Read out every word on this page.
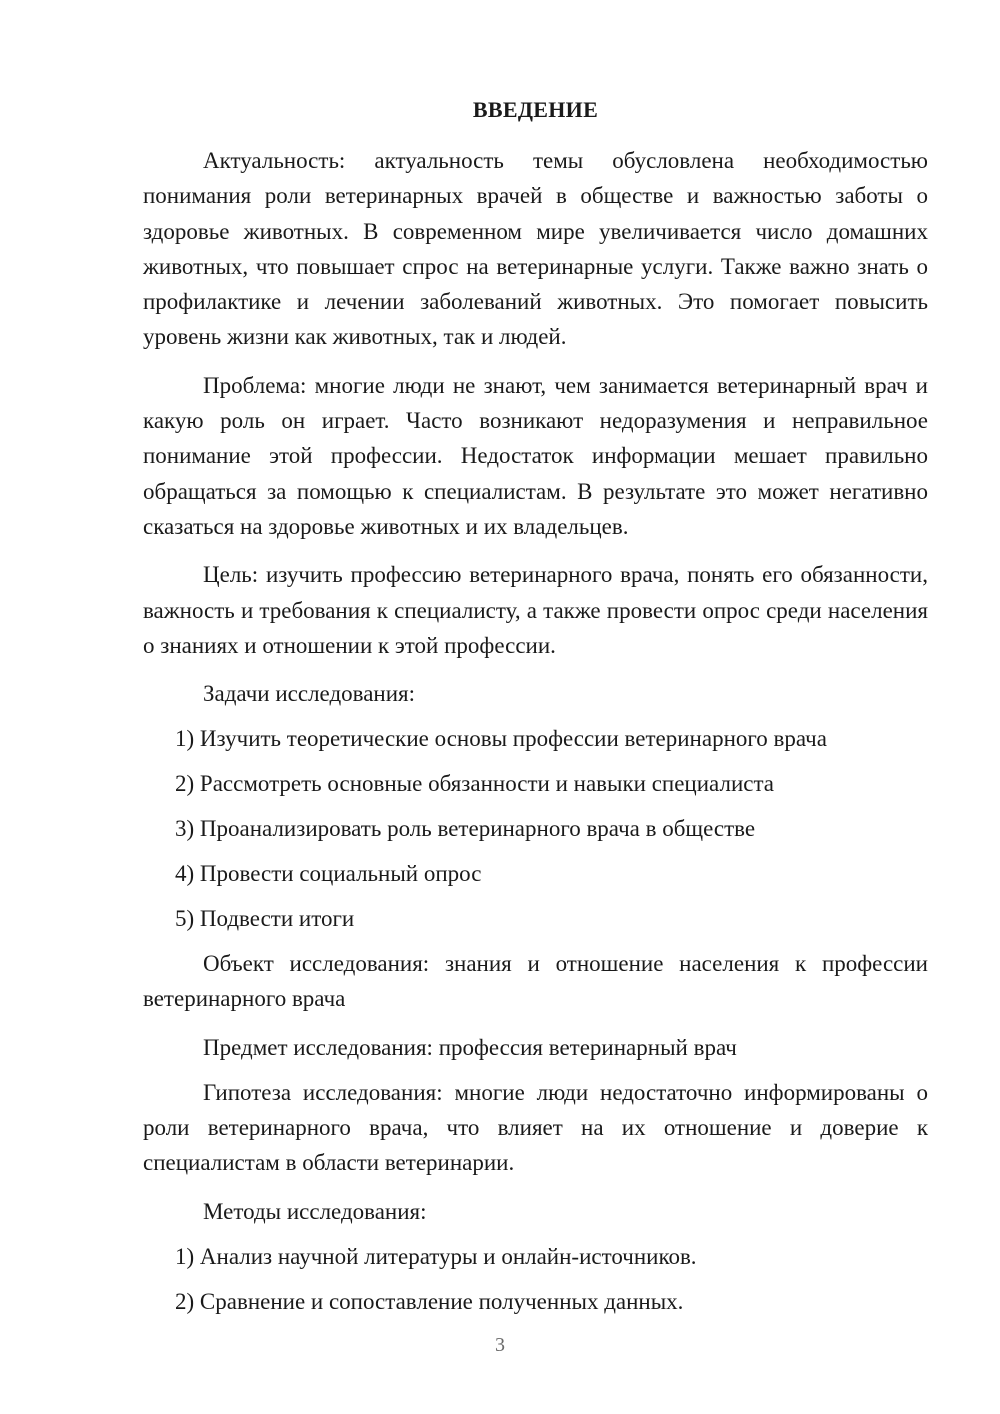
ВВЕДЕНИЕ

Актуальность: актуальность темы обусловлена необходимостью понимания роли ветеринарных врачей в обществе и важностью заботы о здоровье животных. В современном мире увеличивается число домашних животных, что повышает спрос на ветеринарные услуги. Также важно знать о профилактике и лечении заболеваний животных. Это помогает повысить уровень жизни как животных, так и людей.

Проблема: многие люди не знают, чем занимается ветеринарный врач и какую роль он играет. Часто возникают недоразумения и неправильное понимание этой профессии. Недостаток информации мешает правильно обращаться за помощью к специалистам. В результате это может негативно сказаться на здоровье животных и их владельцев.

Цель: изучить профессию ветеринарного врача, понять его обязанности, важность и требования к специалисту, а также провести опрос среди населения о знаниях и отношении к этой профессии.

Задачи исследования:
1) Изучить теоретические основы профессии ветеринарного врача
2) Рассмотреть основные обязанности и навыки специалиста
3) Проанализировать роль ветеринарного врача в обществе
4) Провести социальный опрос
5) Подвести итоги

Объект исследования: знания и отношение населения к профессии ветеринарного врача

Предмет исследования: профессия ветеринарный врач

Гипотеза исследования: многие люди недостаточно информированы о роли ветеринарного врача, что влияет на их отношение и доверие к специалистам в области ветеринарии.

Методы исследования:
1) Анализ научной литературы и онлайн-источников.
2) Сравнение и сопоставление полученных данных.
3
